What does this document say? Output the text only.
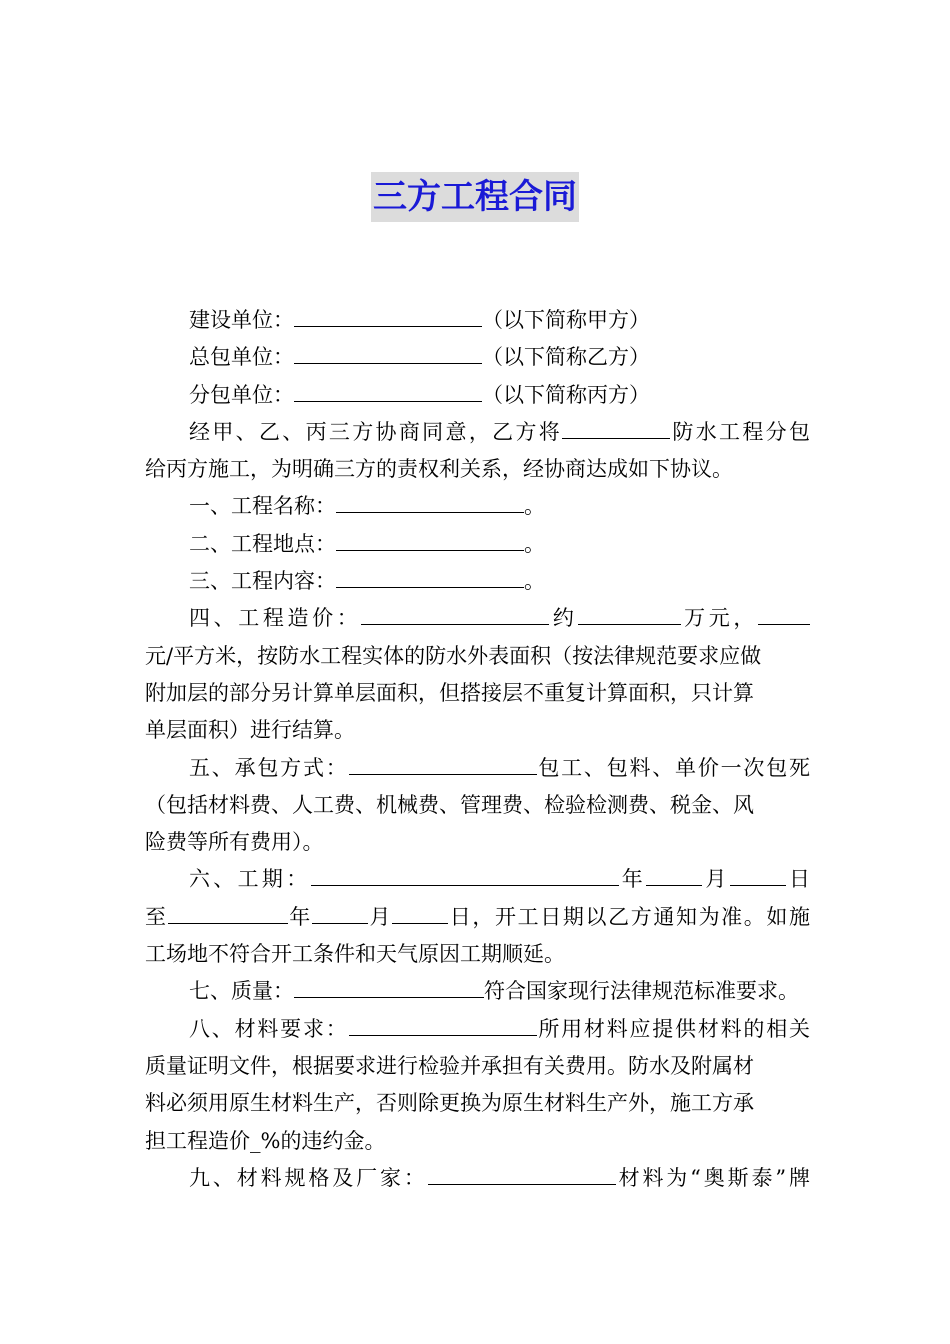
三方工程合同

建设单位：	（以下简称甲方）

总包单位：	（以下简称乙方）

分包单位：	（以下简称丙方）

经甲、乙、丙三方协商同意，乙方将	防水工程分包

给丙方施工，为明确三方的责权利关系，经协商达成如下协议。

一、工程名称：	。

二、工程地点：	。

三、工程内容：	。

四、工程造价：	约	万元，

元/平方米，按防水工程实体的防水外表面积（按法律规范要求应做

附加层的部分另计算单层面积，但搭接层不重复计算面积，只计算

单层面积）进行结算。

五、承包方式：	包工、包料、单价一次包死

（包括材料费、人工费、机械费、管理费、检验检测费、税金、风

险费等所有费用）。

六、工期：	年	月	日

至	年	月	日，开工日期以乙方通知为准。如施

工场地不符合开工条件和天气原因工期顺延。

七、质量：	符合国家现行法律规范标准要求。

八、材料要求：	所用材料应提供材料的相关

质量证明文件，根据要求进行检验并承担有关费用。防水及附属材

料必须用原生材料生产，否则除更换为原生材料生产外，施工方承

担工程造价_%的违约金。

九、材料规格及厂家：	材料为“奥斯泰”牌
